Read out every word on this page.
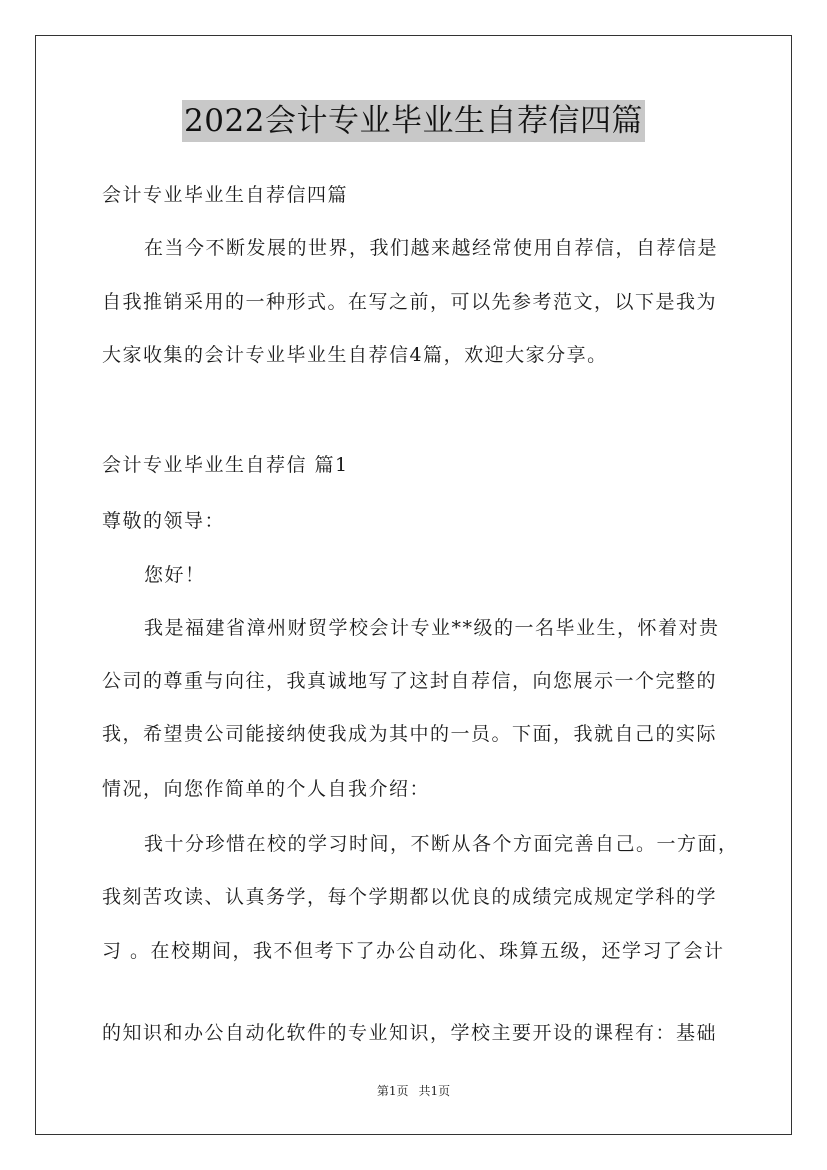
2022会计专业毕业生自荐信四篇
会计专业毕业生自荐信四篇
在当今不断发展的世界，我们越来越经常使用自荐信，自荐信是
自我推销采用的一种形式。在写之前，可以先参考范文，以下是我为
大家收集的会计专业毕业生自荐信4篇，欢迎大家分享。
会计专业毕业生自荐信 篇1
尊敬的领导：
您好！
我是福建省漳州财贸学校会计专业**级的一名毕业生，怀着对贵
公司的尊重与向往，我真诚地写了这封自荐信，向您展示一个完整的
我，希望贵公司能接纳使我成为其中的一员。下面，我就自己的实际
情况，向您作简单的个人自我介绍：
我十分珍惜在校的学习时间，不断从各个方面完善自己。一方面，
我刻苦攻读、认真务学，每个学期都以优良的成绩完成规定学科的学
习 。在校期间，我不但考下了办公自动化、珠算五级，还学习了会计
的知识和办公自动化软件的专业知识，学校主要开设的课程有：基础
第1页 共1页
